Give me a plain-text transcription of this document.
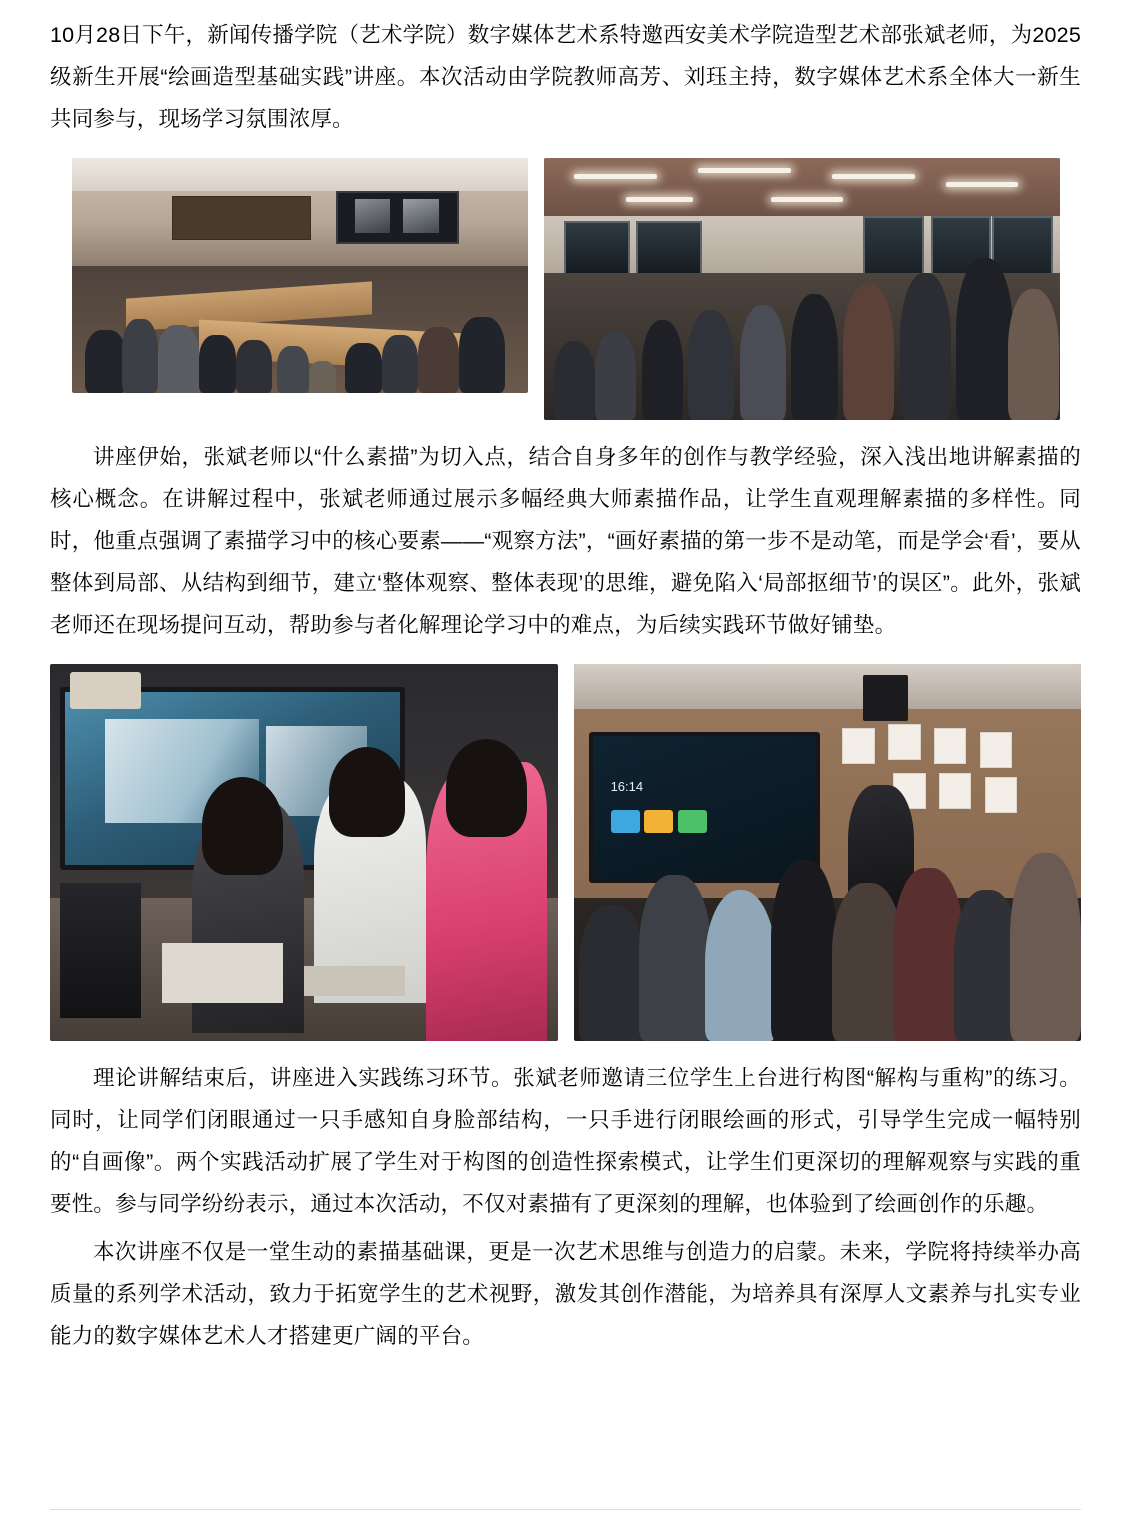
10月28日下午，新闻传播学院（艺术学院）数字媒体艺术系特邀西安美术学院造型艺术部张斌老师，为2025级新生开展“绘画造型基础实践”讲座。本次活动由学院教师高芳、刘珏主持，数字媒体艺术系全体大一新生共同参与，现场学习氛围浓厚。

讲座伊始，张斌老师以“什么素描”为切入点，结合自身多年的创作与教学经验，深入浅出地讲解素描的核心概念。在讲解过程中，张斌老师通过展示多幅经典大师素描作品，让学生直观理解素描的多样性。同时，他重点强调了素描学习中的核心要素——“观察方法”，“画好素描的第一步不是动笔，而是学会‘看’，要从整体到局部、从结构到细节，建立‘整体观察、整体表现’的思维，避免陷入‘局部抠细节’的误区”。此外，张斌老师还在现场提问互动，帮助参与者化解理论学习中的难点，为后续实践环节做好铺垫。

16:14

理论讲解结束后，讲座进入实践练习环节。张斌老师邀请三位学生上台进行构图“解构与重构”的练习。同时，让同学们闭眼通过一只手感知自身脸部结构，一只手进行闭眼绘画的形式，引导学生完成一幅特别的“自画像”。两个实践活动扩展了学生对于构图的创造性探索模式，让学生们更深切的理解观察与实践的重要性。参与同学纷纷表示，通过本次活动，不仅对素描有了更深刻的理解，也体验到了绘画创作的乐趣。

本次讲座不仅是一堂生动的素描基础课，更是一次艺术思维与创造力的启蒙。未来，学院将持续举办高质量的系列学术活动，致力于拓宽学生的艺术视野，激发其创作潜能，为培养具有深厚人文素养与扎实专业能力的数字媒体艺术人才搭建更广阔的平台。
